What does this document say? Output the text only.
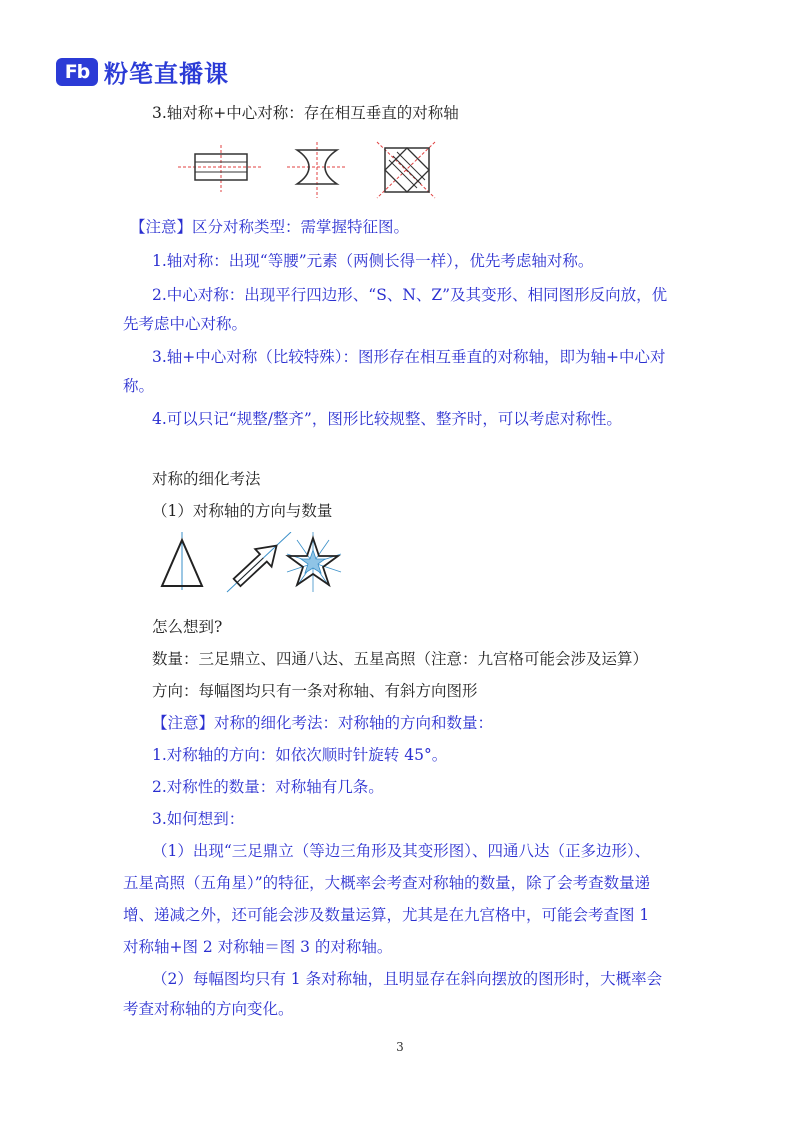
Fb 粉笔直播课
3.轴对称+中心对称：存在相互垂直的对称轴
【注意】区分对称类型：需掌握特征图。
1.轴对称：出现“等腰”元素（两侧长得一样），优先考虑轴对称。
2.中心对称：出现平行四边形、“S、N、Z”及其变形、相同图形反向放，优
先考虑中心对称。
3.轴+中心对称（比较特殊）：图形存在相互垂直的对称轴，即为轴+中心对
称。
4.可以只记“规整/整齐”，图形比较规整、整齐时，可以考虑对称性。
对称的细化考法
（1）对称轴的方向与数量
怎么想到?
数量：三足鼎立、四通八达、五星高照（注意：九宫格可能会涉及运算）
方向：每幅图均只有一条对称轴、有斜方向图形
【注意】对称的细化考法：对称轴的方向和数量：
1.对称轴的方向：如依次顺时针旋转 45°。
2.对称性的数量：对称轴有几条。
3.如何想到：
（1）出现“三足鼎立（等边三角形及其变形图）、四通八达（正多边形）、
五星高照（五角星）”的特征，大概率会考查对称轴的数量，除了会考查数量递
增、递减之外，还可能会涉及数量运算，尤其是在九宫格中，可能会考查图 1
对称轴+图 2 对称轴＝图 3 的对称轴。
（2）每幅图均只有 1 条对称轴，且明显存在斜向摆放的图形时，大概率会
考查对称轴的方向变化。
3
